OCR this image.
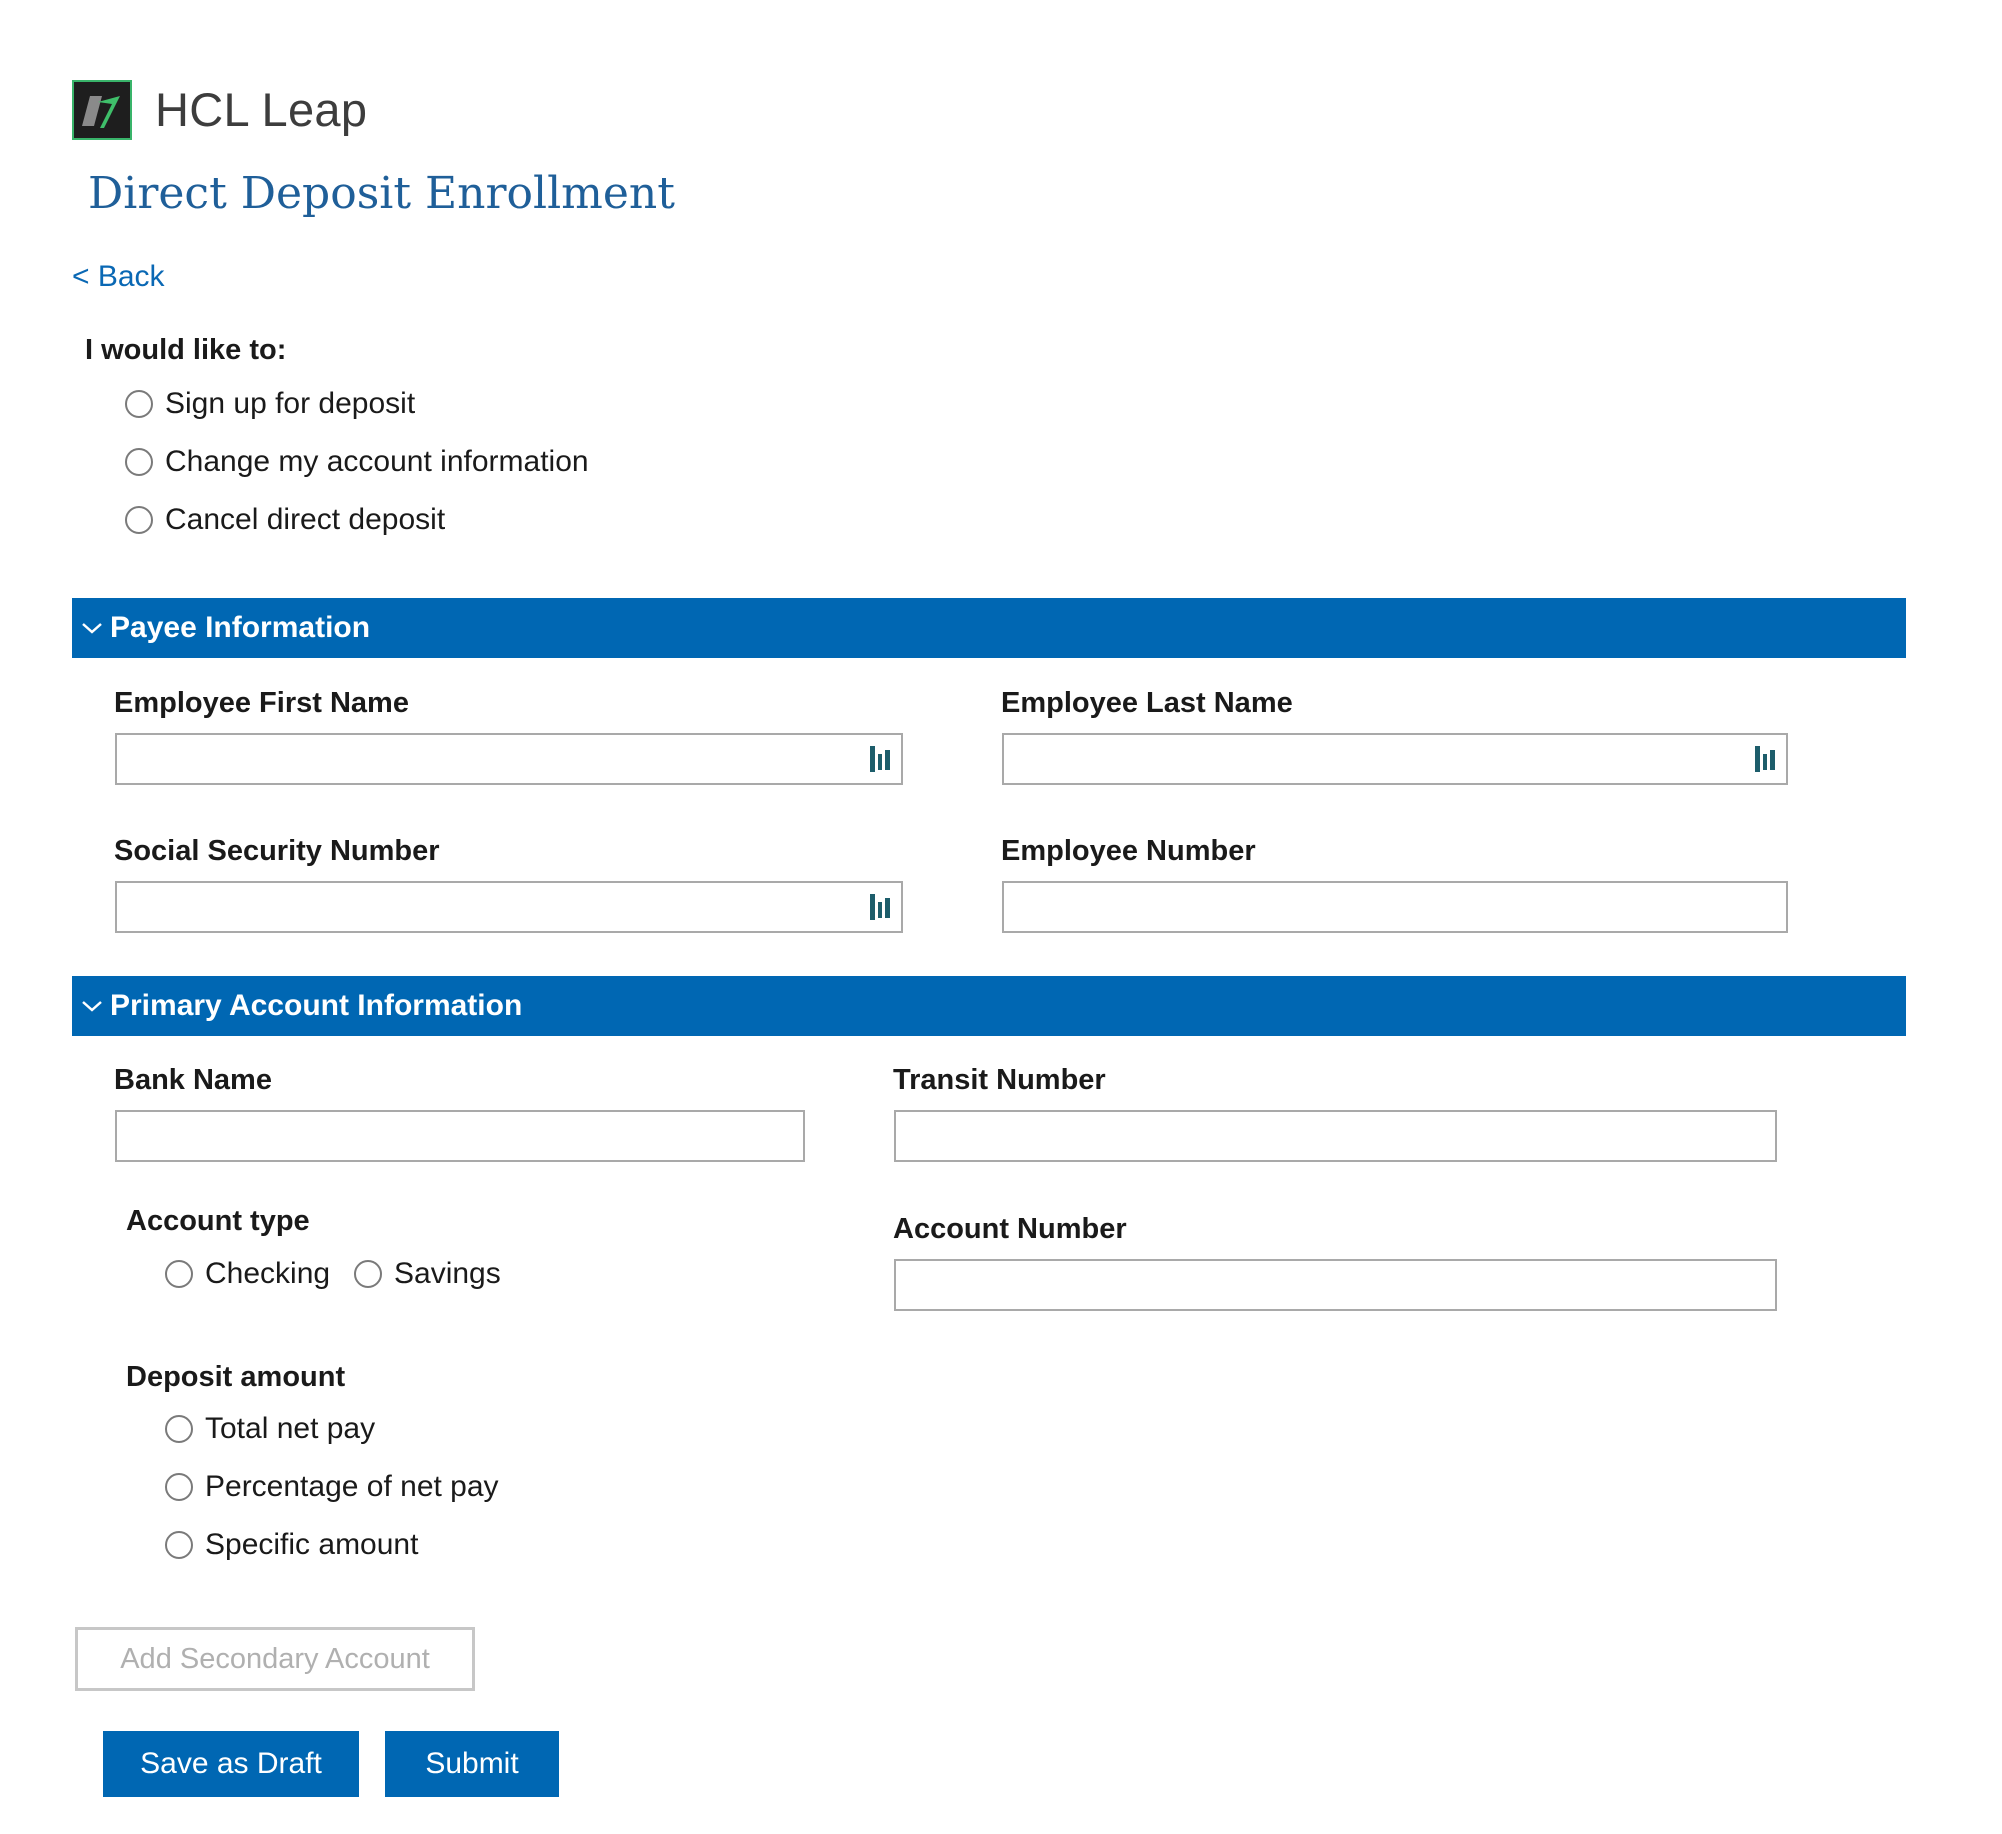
HCL Leap
Direct Deposit Enrollment
< Back
I would like to:
Sign up for deposit
Change my account information
Cancel direct deposit
Payee Information
Employee First Name	Employee Last Name
Social Security Number	Employee Number
Primary Account Information
Bank Name	Transit Number
Account type
Checking Savings
Account Number
Deposit amount
Total net pay
Percentage of net pay
Specific amount
Add Secondary Account
Save as Draft	Submit
